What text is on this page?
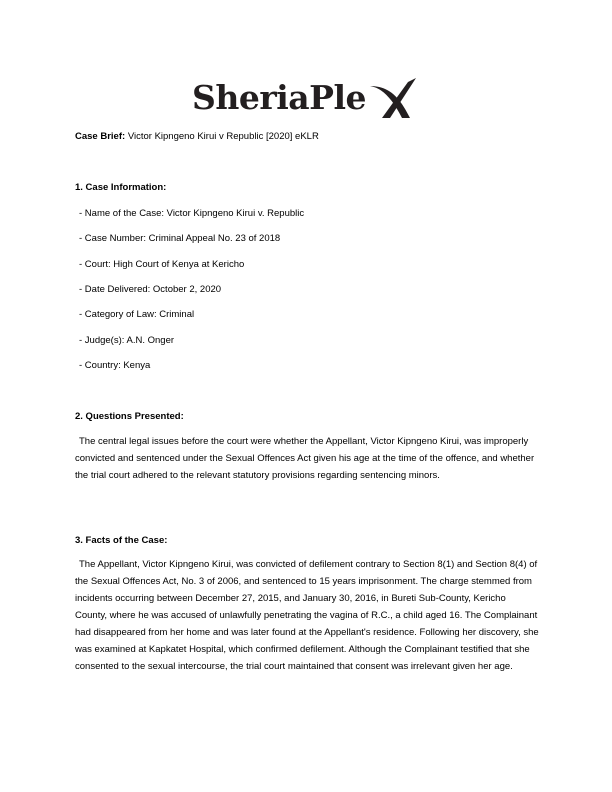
SheriaPle
Case Brief: Victor Kipngeno Kirui v Republic [2020] eKLR
1. Case Information:
- Name of the Case: Victor Kipngeno Kirui v. Republic
- Case Number: Criminal Appeal No. 23 of 2018
- Court: High Court of Kenya at Kericho
- Date Delivered: October 2, 2020
- Category of Law: Criminal
- Judge(s): A.N. Onger
- Country: Kenya
2. Questions Presented:

The central legal issues before the court were whether the Appellant, Victor Kipngeno Kirui, was improperly convicted and sentenced under the Sexual Offences Act given his age at the time of the offence, and whether the trial court adhered to the relevant statutory provisions regarding sentencing minors.

3. Facts of the Case:

The Appellant, Victor Kipngeno Kirui, was convicted of defilement contrary to Section 8(1) and Section 8(4) of the Sexual Offences Act, No. 3 of 2006, and sentenced to 15 years imprisonment. The charge stemmed from incidents occurring between December 27, 2015, and January 30, 2016, in Bureti Sub-County, Kericho County, where he was accused of unlawfully penetrating the vagina of R.C., a child aged 16. The Complainant had disappeared from her home and was later found at the Appellant's residence. Following her discovery, she was examined at Kapkatet Hospital, which confirmed defilement. Although the Complainant testified that she consented to the sexual intercourse, the trial court maintained that consent was irrelevant given her age.
